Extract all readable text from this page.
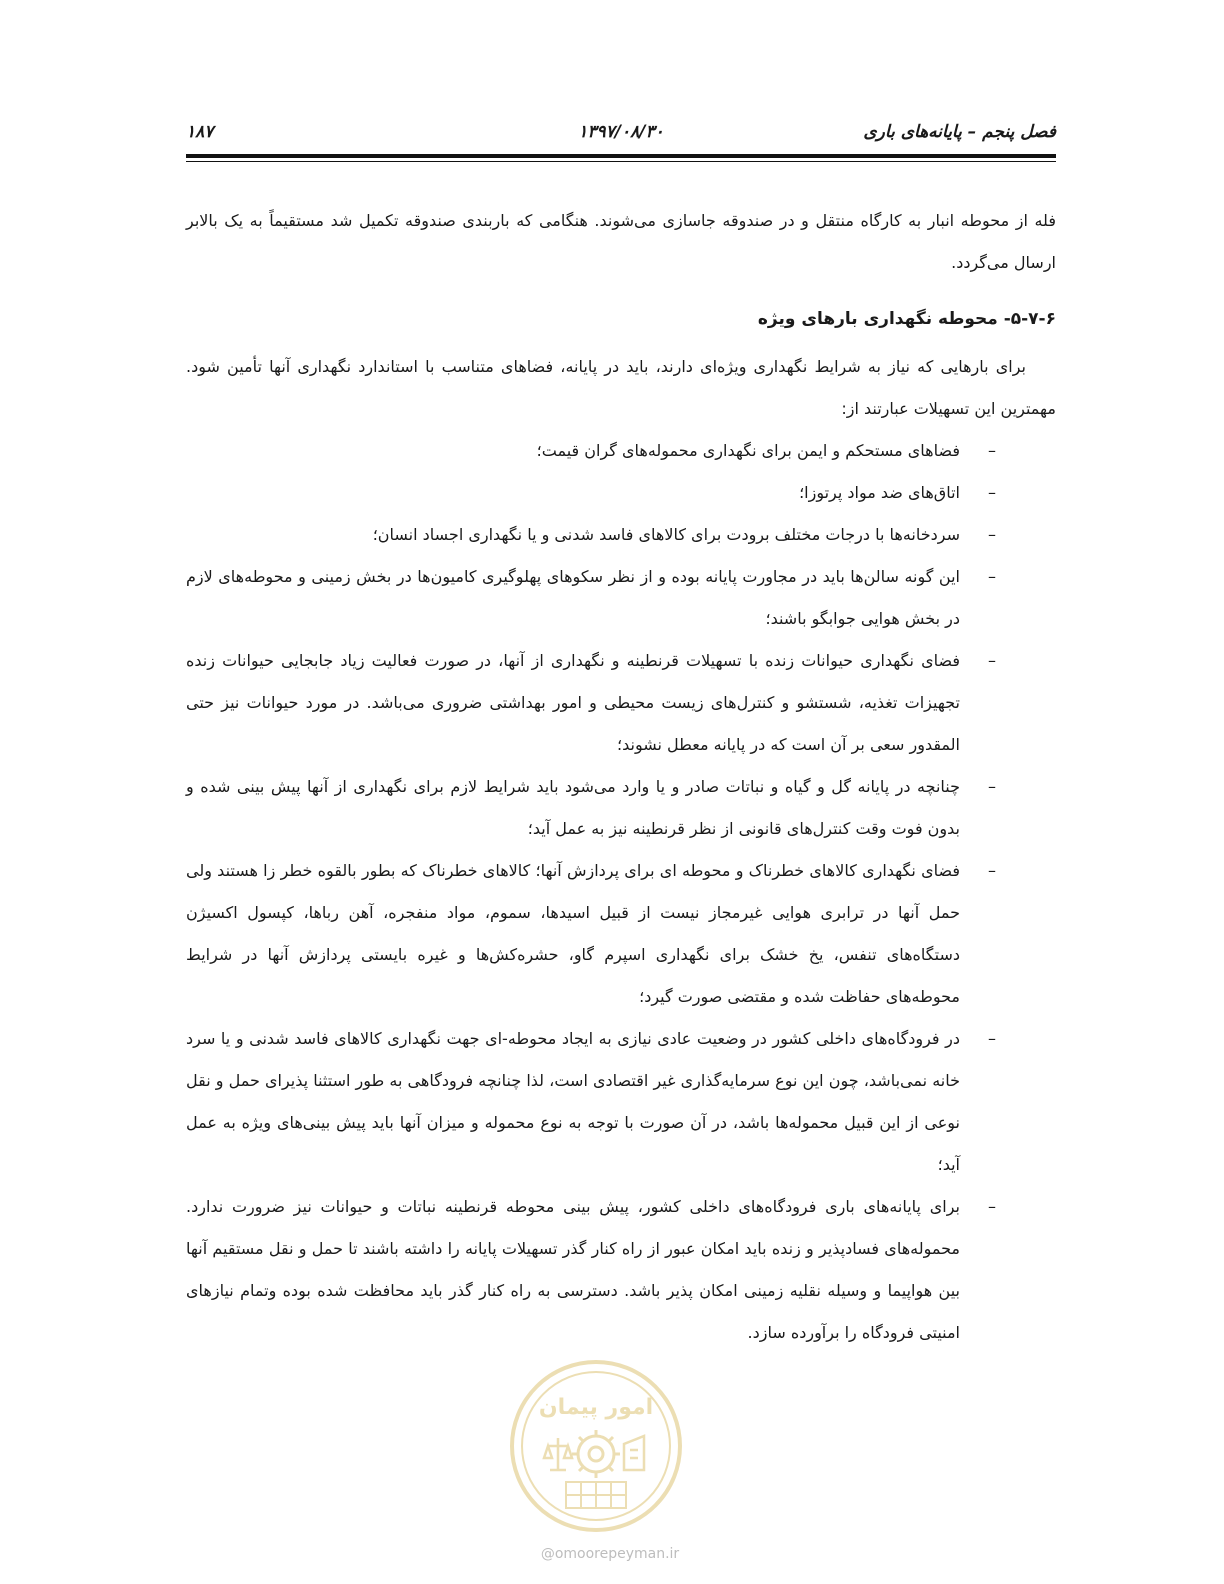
فصل پنجم – پایانه‌های باری
۱۳۹۷/۰۸/۳۰
۱۸۷

فله از محوطه انبار به کارگاه منتقل و در صندوقه جاسازی می‌شوند. هنگامی که باربندی صندوقه تکمیل شد مستقیماً به یک بالابر ارسال می‌گردد.

۵-۷-۶- محوطه نگهداری بارهای ویژه

برای بارهایی که نیاز به شرایط نگهداری ویژه‌ای دارند، باید در پایانه، فضاهای متناسب با استاندارد نگهداری آنها تأمین شود. مهمترین این تسهیلات عبارتند از:

–
فضاهای مستحکم و ایمن برای نگهداری محموله‌های گران قیمت؛
–
اتاق‌های ضد مواد پرتوزا؛
–
سردخانه‌ها با درجات مختلف برودت برای کالاهای فاسد شدنی و یا نگهداری اجساد انسان؛
–
این گونه سالن‌ها باید در مجاورت پایانه بوده و از نظر سکوهای پهلوگیری کامیون‌ها در بخش زمینی و محوطه‌های لازم در بخش هوایی جوابگو باشند؛
–
فضای نگهداری حیوانات زنده با تسهیلات قرنطینه و نگهداری از آنها، در صورت فعالیت زیاد جابجایی حیوانات زنده تجهیزات تغذیه، شستشو و کنترل‌های زیست محیطی و امور بهداشتی ضروری می‌باشد. در مورد حیوانات نیز حتی المقدور سعی بر آن است که در پایانه معطل نشوند؛
–
چنانچه در پایانه گل و گیاه و نباتات صادر و یا وارد می‌شود باید شرایط لازم برای نگهداری از آنها پیش بینی شده و بدون فوت وقت کنترل‌های قانونی از نظر قرنطینه نیز به عمل آید؛
–
فضای نگهداری کالاهای خطرناک و محوطه ای برای پردازش آنها؛ کالاهای خطرناک که بطور بالقوه خطر زا هستند ولی حمل آنها در ترابری هوایی غیرمجاز نیست از قبیل اسیدها، سموم، مواد منفجره، آهن رباها، کپسول اکسیژن دستگاه‌های تنفس، یخ خشک برای نگهداری اسپرم گاو، حشره‌کش‌ها و غیره بایستی پردازش آنها در شرایط محوطه‌های حفاظت شده و مقتضی صورت گیرد؛
–
در فرودگاه‌های داخلی کشور در وضعیت عادی نیازی به ایجاد محوطه-ای جهت نگهداری کالاهای فاسد شدنی و یا سرد خانه نمی‌باشد، چون این نوع سرمایه‌گذاری غیر اقتصادی است، لذا چنانچه فرودگاهی به طور استثنا پذیرای حمل و نقل نوعی از این قبیل محموله‌ها باشد، در آن صورت با توجه به نوع محموله و میزان آنها باید پیش بینی‌های ویژه به عمل آید؛
–
برای پایانه‌های باری فرودگاه‌های داخلی کشور، پیش بینی محوطه قرنطینه نباتات و حیوانات نیز ضرورت ندارد. محموله‌های فسادپذیر و زنده باید امکان عبور از راه کنار گذر تسهیلات پایانه را داشته باشند تا حمل و نقل مستقیم آنها بین هواپیما و وسیله نقلیه زمینی امکان پذیر باشد. دسترسی به راه کنار گذر باید محافظت شده بوده وتمام نیازهای امنیتی فرودگاه را برآورده سازد.
امور پیمان
@omoorepeyman.ir
